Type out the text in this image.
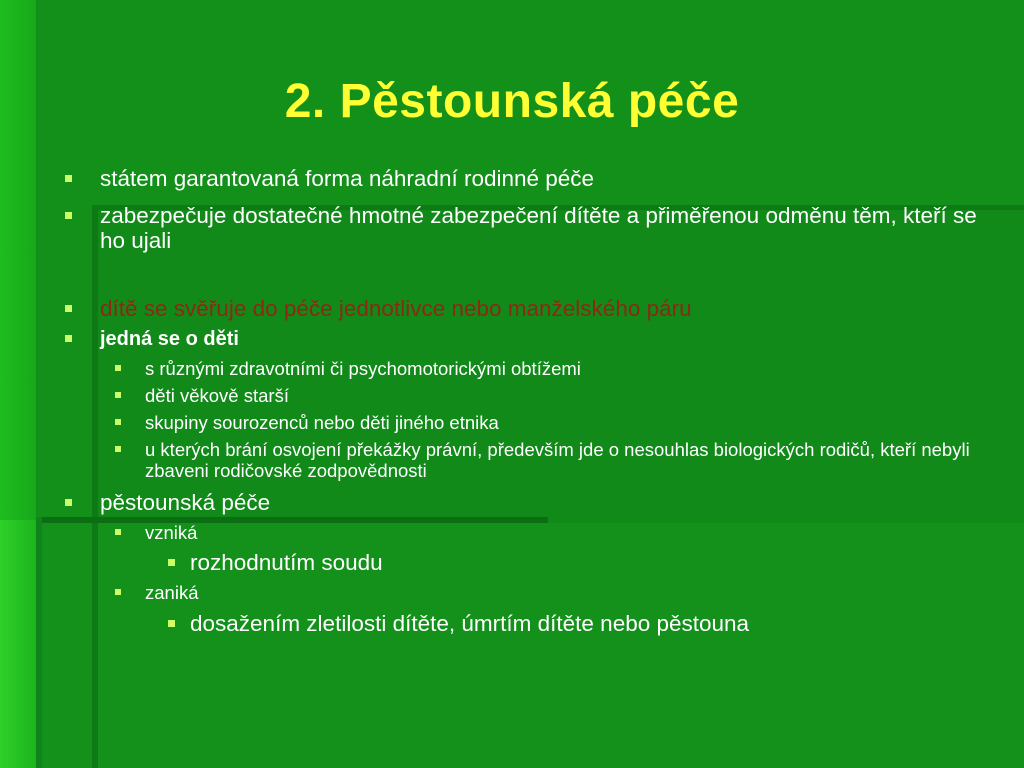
2. Pěstounská péče
státem garantovaná forma náhradní rodinné péče
zabezpečuje dostatečné hmotné zabezpečení dítěte a přiměřenou odměnu těm, kteří se ho ujali
dítě se svěřuje do péče jednotlivce nebo manželského páru
jedná se o děti
s různými zdravotními či psychomotorickými obtížemi
děti věkově starší
skupiny sourozenců nebo děti jiného etnika
u kterých brání osvojení překážky právní, především jde o nesouhlas biologických rodičů, kteří nebyli zbaveni rodičovské zodpovědnosti
pěstounská péče
vzniká
rozhodnutím soudu
zaniká
dosažením zletilosti dítěte, úmrtím dítěte nebo pěstouna
